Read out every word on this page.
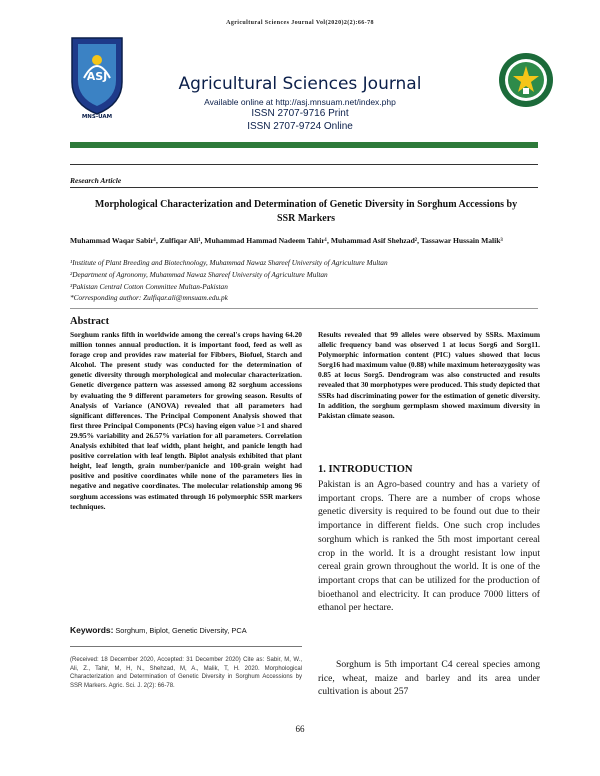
Agricultural Sciences Journal Vol(2020)2(2):66-78
ASJ
MNS-UAM
Agricultural Sciences Journal
Available online at http://asj.mnsuam.net/index.php
ISSN 2707-9716 Print
ISSN 2707-9724 Online
Research Article
Morphological Characterization and Determination of Genetic Diversity in Sorghum Accessions by SSR Markers
Muhammad Waqar Sabir¹, Zulfiqar Ali¹, Muhammad Hammad Nadeem Tahir¹, Muhammad Asif Shehzad², Tassawar Hussain Malik³
¹Institute of Plant Breeding and Biotechnology, Muhammad Nawaz Shareef University of Agriculture Multan
²Department of Agronomy, Muhammad Nawaz Shareef University of Agriculture Multan
³Pakistan Central Cotton Committee Multan-Pakistan
*Corresponding author: Zulfiqar.ali@mnsuam.edu.pk
Abstract
Sorghum ranks fifth in worldwide among the cereal's crops having 64.20 million tonnes annual production. it is important food, feed as well as forage crop and provides raw material for Fibbers, Biofuel, Starch and Alcohol. The present study was conducted for the determination of genetic diversity through morphological and molecular characterization. Genetic divergence pattern was assessed among 82 sorghum accessions by evaluating the 9 different parameters for growing season. Results of Analysis of Variance (ANOVA) revealed that all parameters had significant differences. The Principal Component Analysis showed that first three Principal Components (PCs) having eigen value >1 and shared 29.95% variability and 26.57% variation for all parameters. Correlation Analysis exhibited that leaf width, plant height, and panicle length had positive correlation with leaf length. Biplot analysis exhibited that plant height, leaf length, grain number/panicle and 100-grain weight had positive and positive coordinates while none of the parameters lies in negative and negative coordinates. The molecular relationship among 96 sorghum accessions was estimated through 16 polymorphic SSR markers techniques.
Keywords: Sorghum, Biplot, Genetic Diversity, PCA
(Received: 18 December 2020, Accepted: 31 December 2020) Cite as: Sabir, M, W., Ali, Z., Tahir, M, H, N., Shehzad, M, A., Malik, T, H. 2020. Morphological Characterization and Determination of Genetic Diversity in Sorghum Accessions by SSR Markers. Agric. Sci. J. 2(2): 66-78.
Results revealed that 99 alleles were observed by SSRs. Maximum allelic frequency band was observed 1 at locus Sorg6 and Sorg11. Polymorphic information content (PIC) values showed that locus Sorg16 had maximum value (0.88) while maximum heterozygosity was 0.85 at locus Sorg5. Dendrogram was also constructed and results revealed that 30 morphotypes were produced. This study depicted that SSRs had discriminating power for the estimation of genetic diversity. In addition, the sorghum germplasm showed maximum diversity in Pakistan climate season.
1. INTRODUCTION
Pakistan is an Agro-based country and has a variety of important crops. There are a number of crops whose genetic diversity is required to be found out due to their importance in different fields. One such crop includes sorghum which is ranked the 5th most important cereal crop in the world. It is a drought resistant low input cereal grain grown throughout the world. It is one of the important crops that can be utilized for the production of bioethanol and electricity. It can produce 7000 litters of ethanol per hectare.
Sorghum is 5th important C4 cereal species among rice, wheat, maize and barley and its area under cultivation is about 257
66
